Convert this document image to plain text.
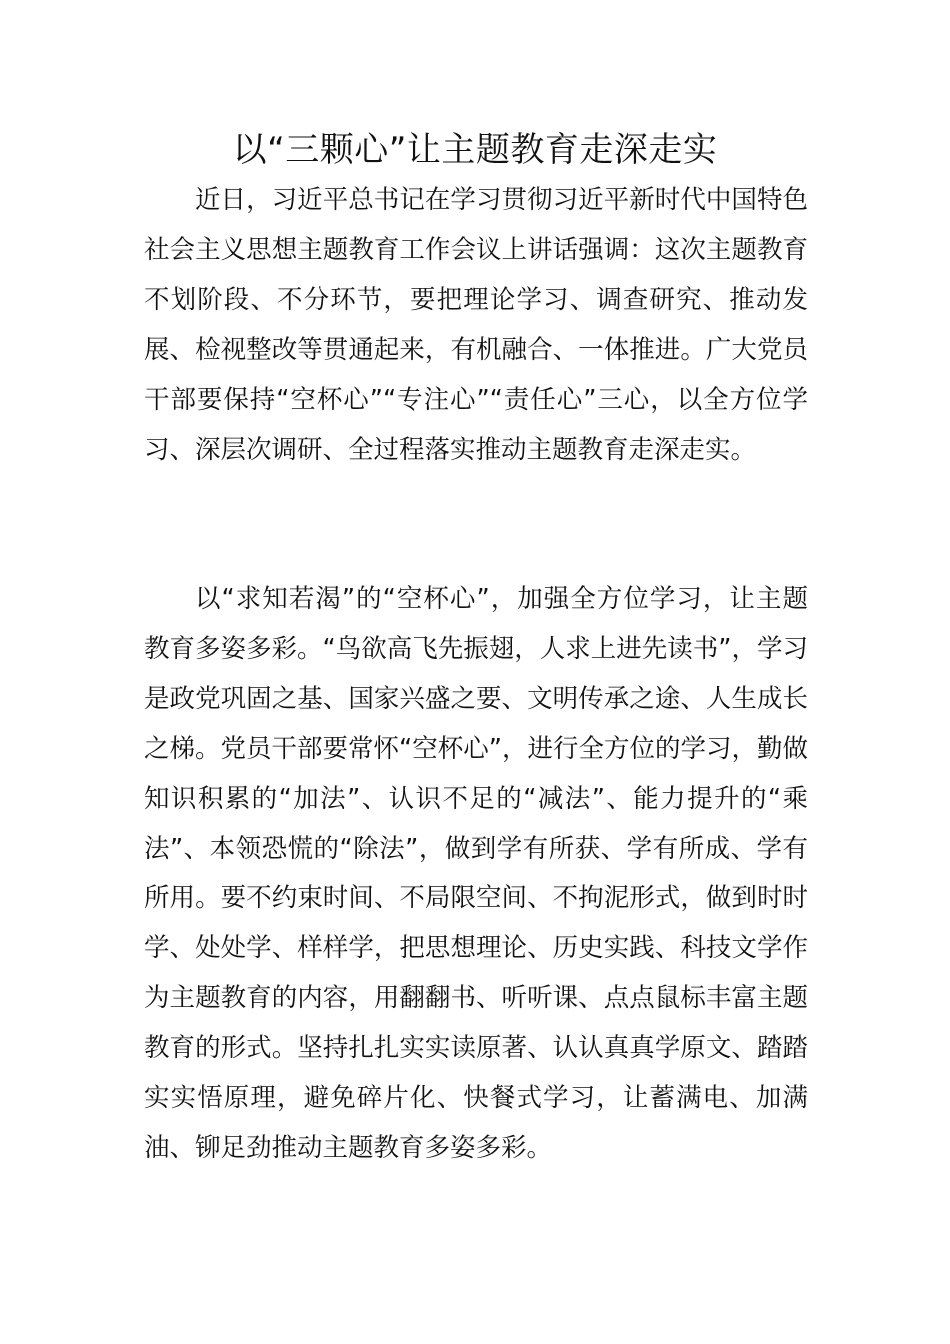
以“三颗心”让主题教育走深走实

近日，习近平总书记在学习贯彻习近平新时代中国特色社会主义思想主题教育工作会议上讲话强调：这次主题教育不划阶段、不分环节，要把理论学习、调查研究、推动发展、检视整改等贯通起来，有机融合、一体推进。广大党员干部要保持“空杯心”“专注心”“责任心”三心，以全方位学习、深层次调研、全过程落实推动主题教育走深走实。

以“求知若渴”的“空杯心”，加强全方位学习，让主题教育多姿多彩。“鸟欲高飞先振翅，人求上进先读书”，学习是政党巩固之基、国家兴盛之要、文明传承之途、人生成长之梯。党员干部要常怀“空杯心”，进行全方位的学习，勤做知识积累的“加法”、认识不足的“减法”、能力提升的“乘法”、本领恐慌的“除法”，做到学有所获、学有所成、学有所用。要不约束时间、不局限空间、不拘泥形式，做到时时学、处处学、样样学，把思想理论、历史实践、科技文学作为主题教育的内容，用翻翻书、听听课、点点鼠标丰富主题教育的形式。坚持扎扎实实读原著、认认真真学原文、踏踏实实悟原理，避免碎片化、快餐式学习，让蓄满电、加满油、铆足劲推动主题教育多姿多彩。
